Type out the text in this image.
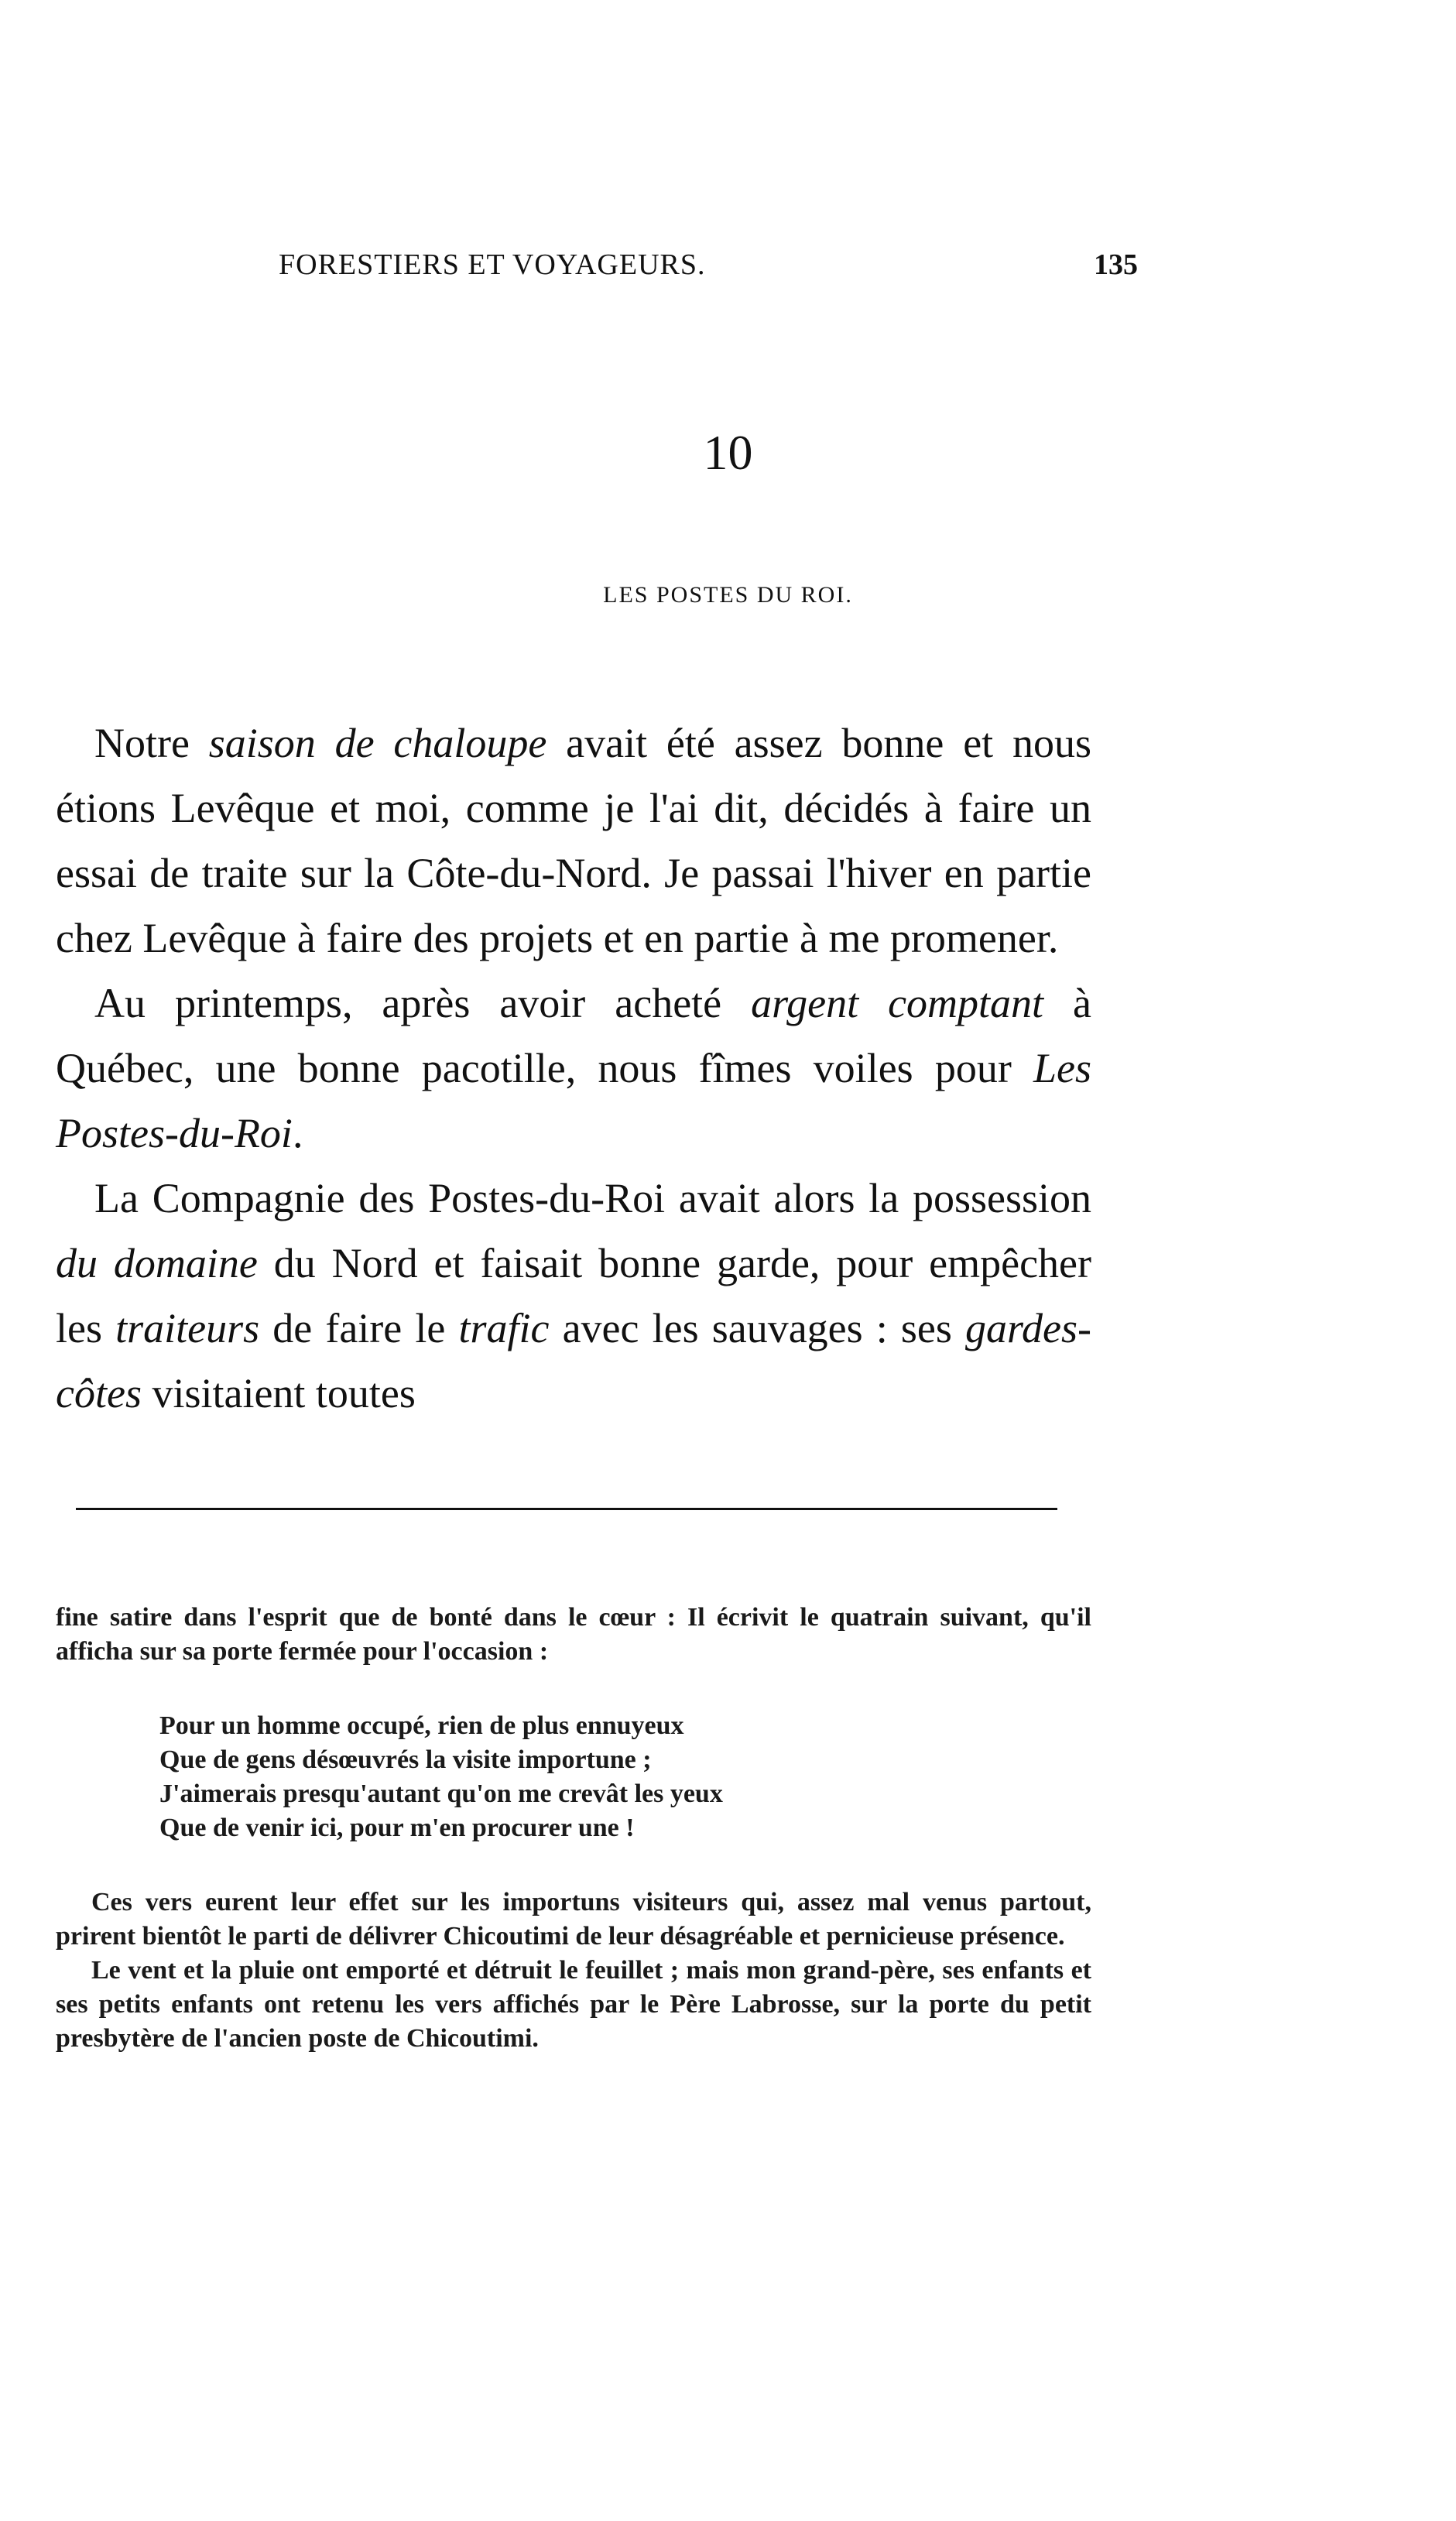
FORESTIERS ET VOYAGEURS.	135
10
LES POSTES DU ROI.

Notre saison de chaloupe avait été assez bonne et nous étions Levêque et moi, comme je l'ai dit, décidés à faire un essai de traite sur la Côte-du-Nord. Je passai l'hiver en partie chez Levêque à faire des projets et en partie à me promener.

Au printemps, après avoir acheté argent comptant à Québec, une bonne pacotille, nous fîmes voiles pour Les Postes-du-Roi.

La Compagnie des Postes-du-Roi avait alors la possession du domaine du Nord et faisait bonne garde, pour empêcher les traiteurs de faire le trafic avec les sauvages : ses gardes-côtes visitaient toutes

fine satire dans l'esprit que de bonté dans le cœur : Il écrivit le quatrain suivant, qu'il afficha sur sa porte fermée pour l'occasion :

Pour un homme occupé, rien de plus ennuyeux
Que de gens désœuvrés la visite importune ;
J'aimerais presqu'autant qu'on me crevât les yeux
Que de venir ici, pour m'en procurer une !

Ces vers eurent leur effet sur les importuns visiteurs qui, assez mal venus partout, prirent bientôt le parti de délivrer Chicoutimi de leur désagréable et pernicieuse présence.

Le vent et la pluie ont emporté et détruit le feuillet ; mais mon grand-père, ses enfants et ses petits enfants ont retenu les vers affichés par le Père Labrosse, sur la porte du petit presbytère de l'ancien poste de Chicoutimi.
